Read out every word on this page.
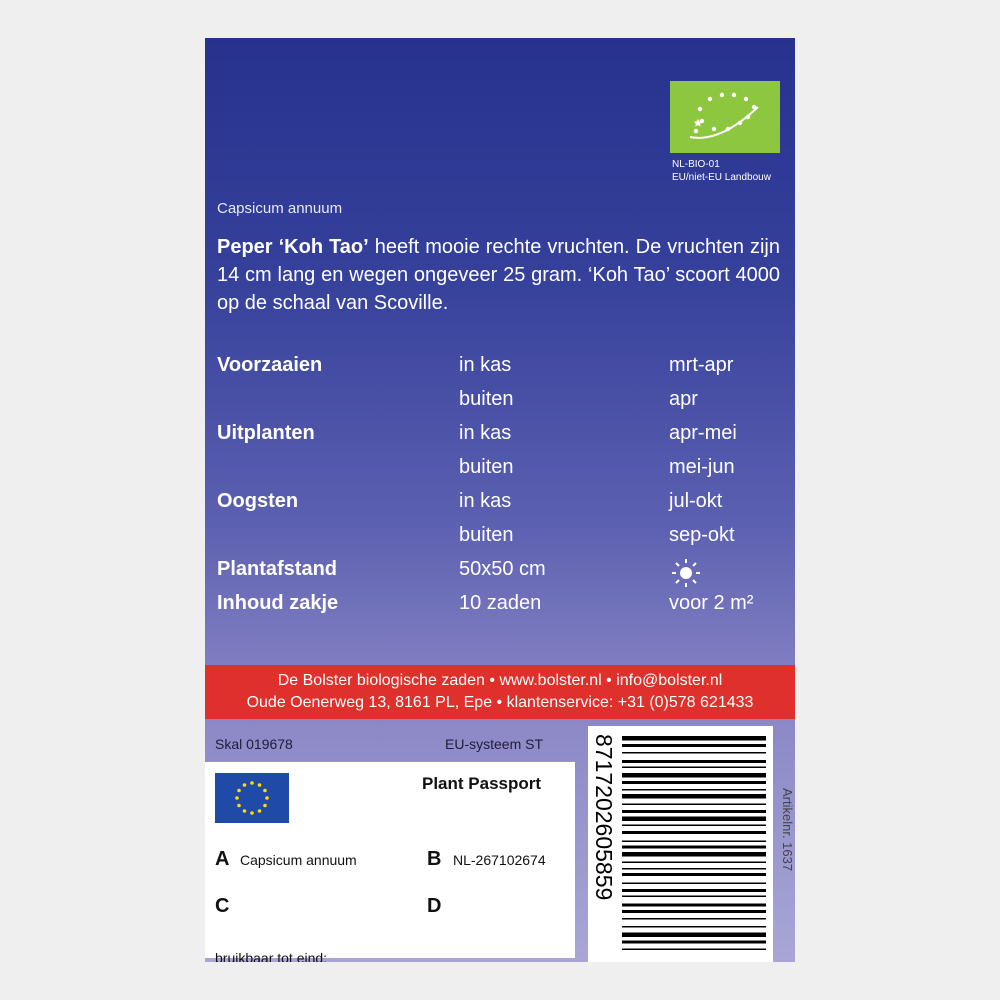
NL-BIO-01
EU/niet-EU Landbouw
Capsicum annuum
Peper ‘Koh Tao’ heeft mooie rechte vruchten. De vruchten zijn 14 cm lang en wegen ongeveer 25 gram. ‘Koh Tao’ scoort 4000 op de schaal van Scoville.
Voorzaaien	in kas	mrt-apr
buiten	apr
Uitplanten	in kas	apr-mei
buiten	mei-jun
Oogsten	in kas	jul-okt
buiten	sep-okt
Plantafstand	50x50 cm
Inhoud zakje	10 zaden	voor 2 m²
De Bolster biologische zaden • www.bolster.nl • info@bolster.nl
Oude Oenerweg 13, 8161 PL, Epe • klantenservice: +31 (0)578 621433
Skal 019678	EU-systeem ST
Plant Passport
A Capsicum annuum	B NL-267102674
C	D
bruikbaar tot eind:
8717202605859	Artikelnr. 1637
